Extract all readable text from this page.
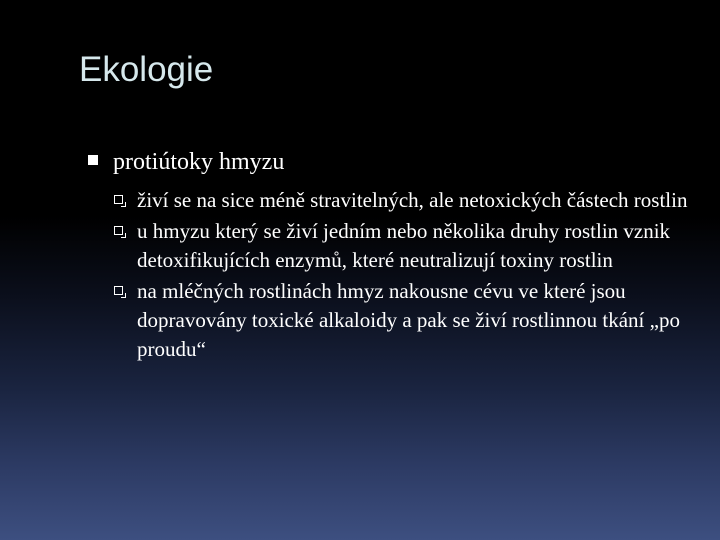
Ekologie
protiútoky hmyzu
živí se na sice méně stravitelných, ale netoxických částech rostlin
u hmyzu který se živí jedním nebo několika druhy rostlin vznik detoxifikujících enzymů, které neutralizují toxiny rostlin
na mléčných rostlinách hmyz nakousne cévu ve které jsou dopravovány toxické alkaloidy a pak se živí rostlinnou tkání „po proudu“
